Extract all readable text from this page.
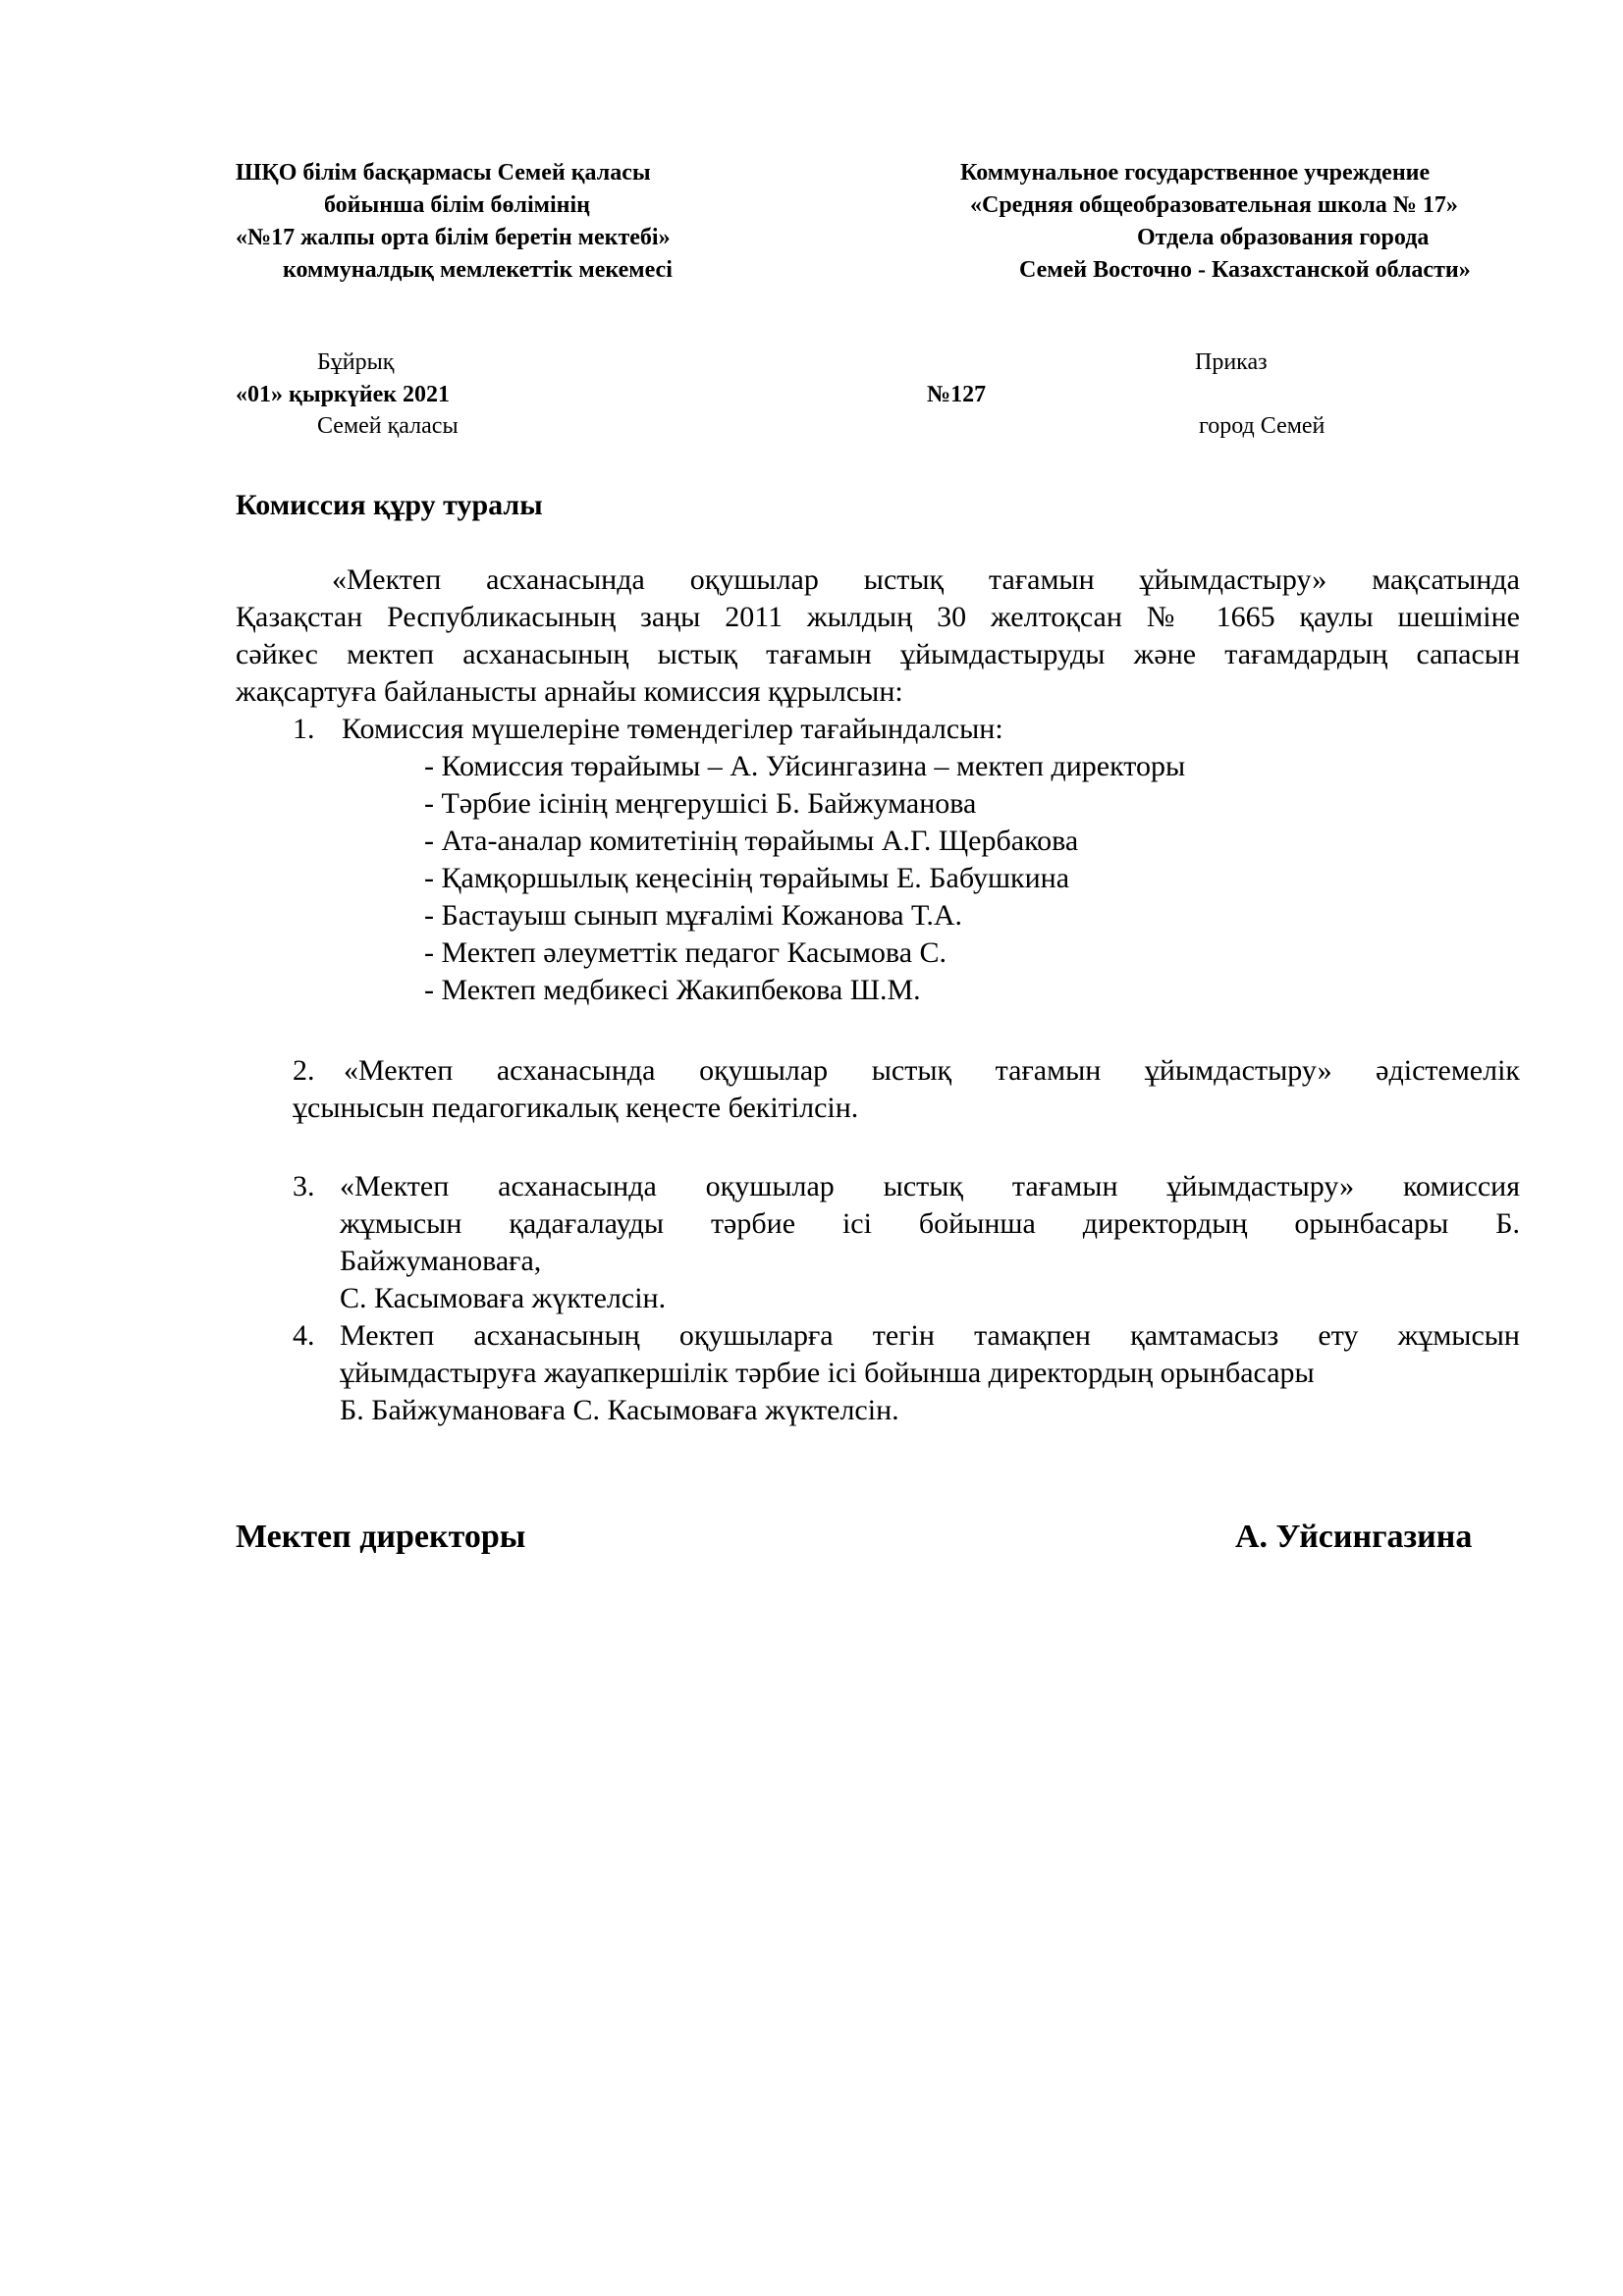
ШҚО білім басқармасы Семей қаласы
бойынша білім бөлімінің
«№17 жалпы орта білім беретін мектебі»
коммуналдық мемлекеттік мекемесі
Коммунальное государственное учреждение
«Средняя общеобразовательная школа № 17»
Отдела образования города
Семей Восточно - Казахстанской области»
Бұйрық	Приказ
«01» қыркүйек 2021	№127
Семей қаласы	город Семей
Комиссия құру туралы
«Мектеп асханасында оқушылар ыстық тағамын ұйымдастыру» мақсатында
Қазақстан Республикасының заңы 2011 жылдың 30 желтоқсан № 1665 қаулы шешіміне
сәйкес мектеп асханасының ыстық тағамын ұйымдастыруды және тағамдардың сапасын
жақсартуға байланысты арнайы комиссия құрылсын:
1. Комиссия мүшелеріне төмендегілер тағайындалсын:
- Комиссия төрайымы – А. Уйсингазина – мектеп директоры
- Тәрбие ісінің меңгерушісі Б. Байжуманова
- Ата-аналар комитетінің төрайымы А.Г. Щербакова
- Қамқоршылық кеңесінің төрайымы Е. Бабушкина
- Бастауыш сынып мұғалімі Кожанова Т.А.
- Мектеп әлеуметтік педагог Касымова С.
- Мектеп медбикесі Жакипбекова Ш.М.
2. «Мектеп асханасында оқушылар ыстық тағамын ұйымдастыру» әдістемелік
ұсынысын педагогикалық кеңесте бекітілсін.
3. «Мектеп асханасында оқушылар ыстық тағамын ұйымдастыру» комиссия
жұмысын қадағалауды тәрбие ісі бойынша директордың орынбасары Б.
Байжумановаға,
С. Касымоваға жүктелсін.
4. Мектеп асханасының оқушыларға тегін тамақпен қамтамасыз ету жұмысын
ұйымдастыруға жауапкершілік тәрбие ісі бойынша директордың орынбасары
Б. Байжумановаға С. Касымоваға жүктелсін.
Мектеп директоры	А. Уйсингазина
